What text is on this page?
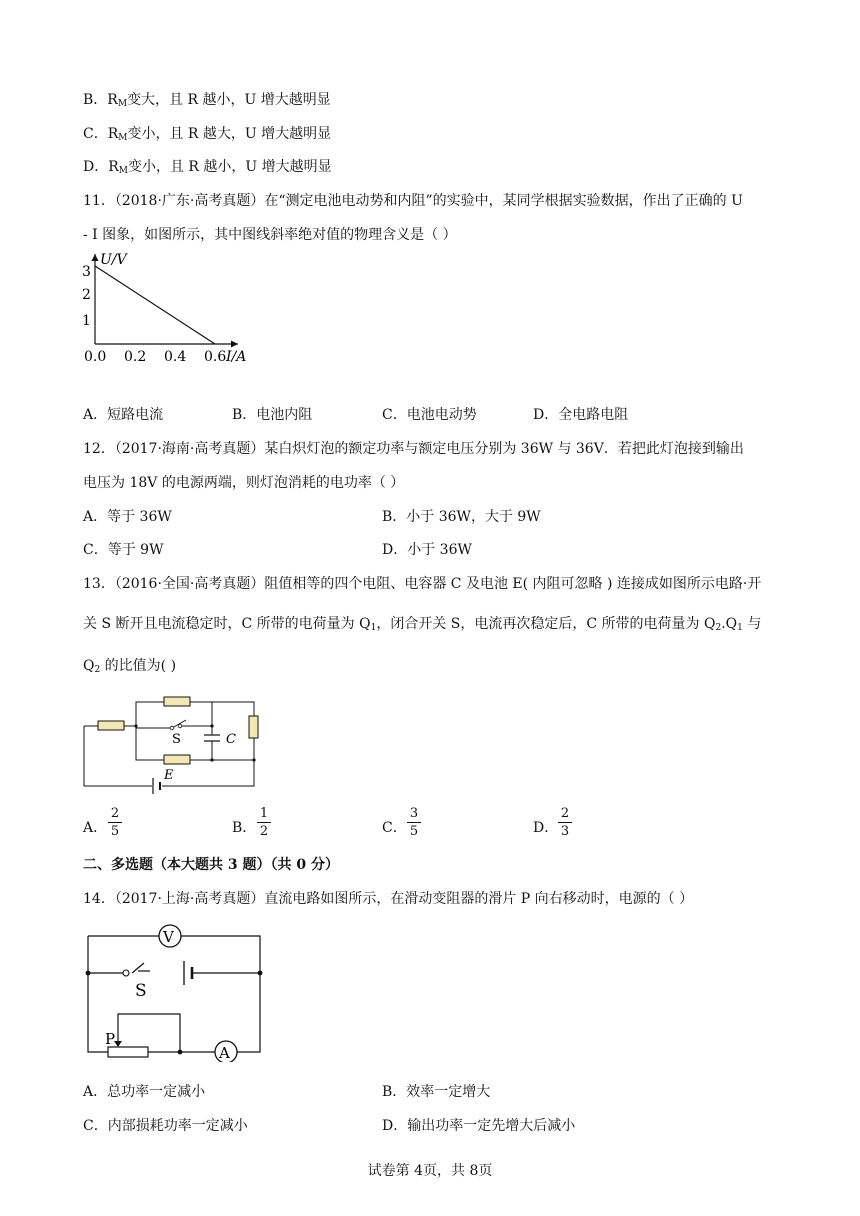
B．$R_M$变大，且 R 越小，U 增大越明显
C．$R_M$变小，且 R 越大，U 增大越明显
D．$R_M$变小，且 R 越小，U 增大越明显
11．（2018·广东·高考真题）在“测定电池电动势和内阻”的实验中，某同学根据实验数据，作出了正确的 U
- I 图象，如图所示，其中图线斜率绝对值的物理含义是（ ）
U/V
3
2
1
0.0 0.2 0.4 0.6 I/A
A．短路电流	B．电池内阻	C．电池电动势	D．全电路电阻
12．（2017·海南·高考真题）某白炽灯泡的额定功率与额定电压分别为 36W 与 36V．若把此灯泡接到输出
电压为 18V 的电源两端，则灯泡消耗的电功率（ ）
A．等于 36W	B．小于 36W，大于 9W
C．等于 9W	D．小于 36W
13．（2016·全国·高考真题）阻值相等的四个电阻、电容器 C 及电池 E( 内阻可忽略 ) 连接成如图所示电路·开
关 S 断开且电流稳定时，C 所带的电荷量为 $Q_1$，闭合开关 S，电流再次稳定后，C 所带的电荷量为 $Q_2.Q_1$ 与
$Q_2$ 的比值为( )
S	C
E
A．
2
5	B．
1
2	C．
3
5	D．
2
3
二、多选题（本大题共 3 题）（共 0 分）
14．（2017·上海·高考真题）直流电路如图所示，在滑动变阻器的滑片 P 向右移动时，电源的（ ）
V
A
S
P
A．总功率一定减小	B．效率一定增大
C．内部损耗功率一定减小	D．输出功率一定先增大后减小
试卷第 4页，共 8页
